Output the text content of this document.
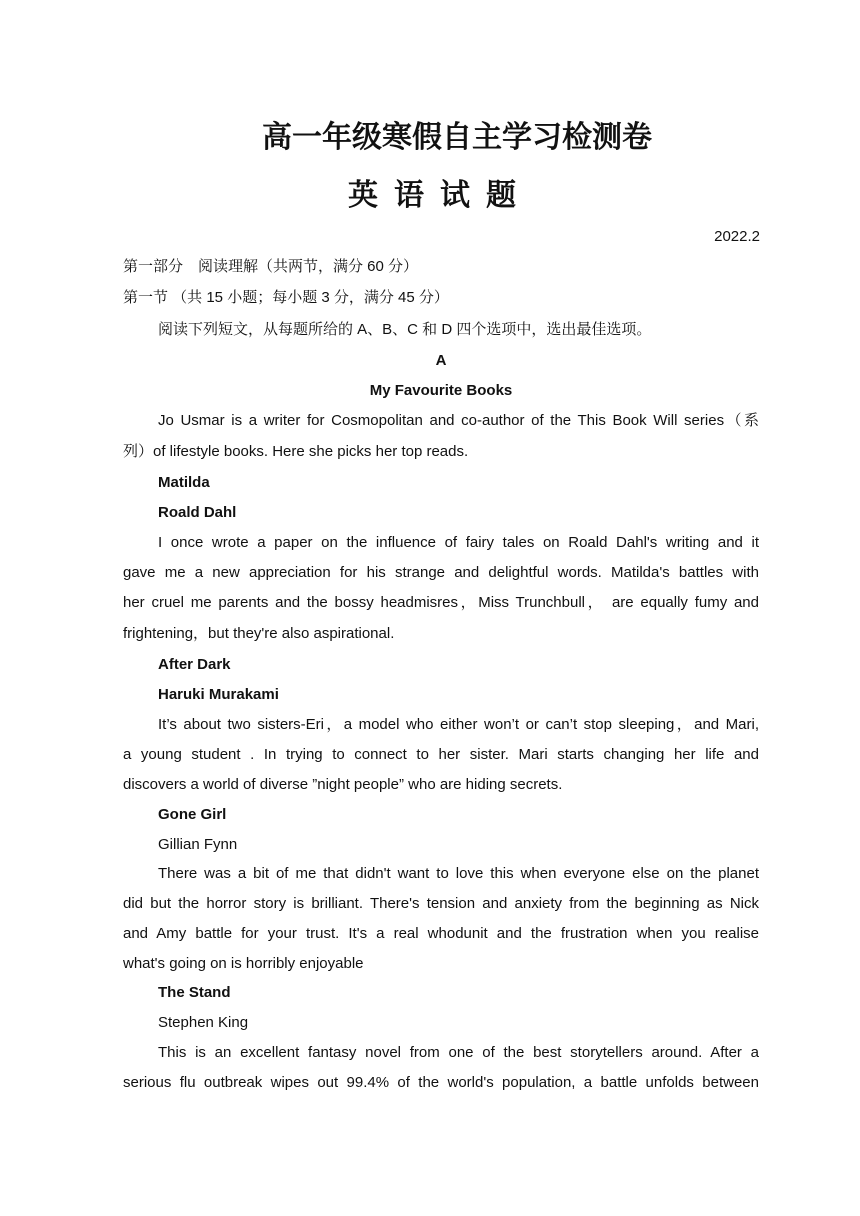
高一年级寒假自主学习检测卷
英语试题
2022.2
第一部分　阅读理解（共两节，满分 60 分）
第一节 （共 15 小题；每小题 3 分，满分 45 分）
阅读下列短文，从每题所给的 A、B、C 和 D 四个选项中，选出最佳选项。
A
My Favourite Books
Jo Usmar is a writer for Cosmopolitan and co-author of the This Book Will series（系
列）of lifestyle books. Here she picks her top reads.
Matilda
Roald Dahl
I once wrote a paper on the influence of fairy tales on Roald Dahl's writing and it
gave me a new appreciation for his strange and delightful words. Matilda's battles with
her cruel me parents and the bossy headmisres，Miss Trunchbull， are equally fumy and
frightening，but they're also aspirational.
After Dark
Haruki Murakami
It’s about two sisters-Eri，a model who either won’t or can’t stop sleeping，and Mari,
a young student . In trying to connect to her sister. Mari starts changing her life and
discovers a world of diverse ”night people” who are hiding secrets.
Gone Girl
Gillian Fynn
There was a bit of me that didn't want to love this when everyone else on the planet
did but the horror story is brilliant. There's tension and anxiety from the beginning as Nick
and Amy battle for your trust. It's a real whodunit and the frustration when you realise
what's going on is horribly enjoyable
The Stand
Stephen King
This is an excellent fantasy novel from one of the best storytellers around. After a
serious flu outbreak wipes out 99.4% of the world's population, a battle unfolds between
